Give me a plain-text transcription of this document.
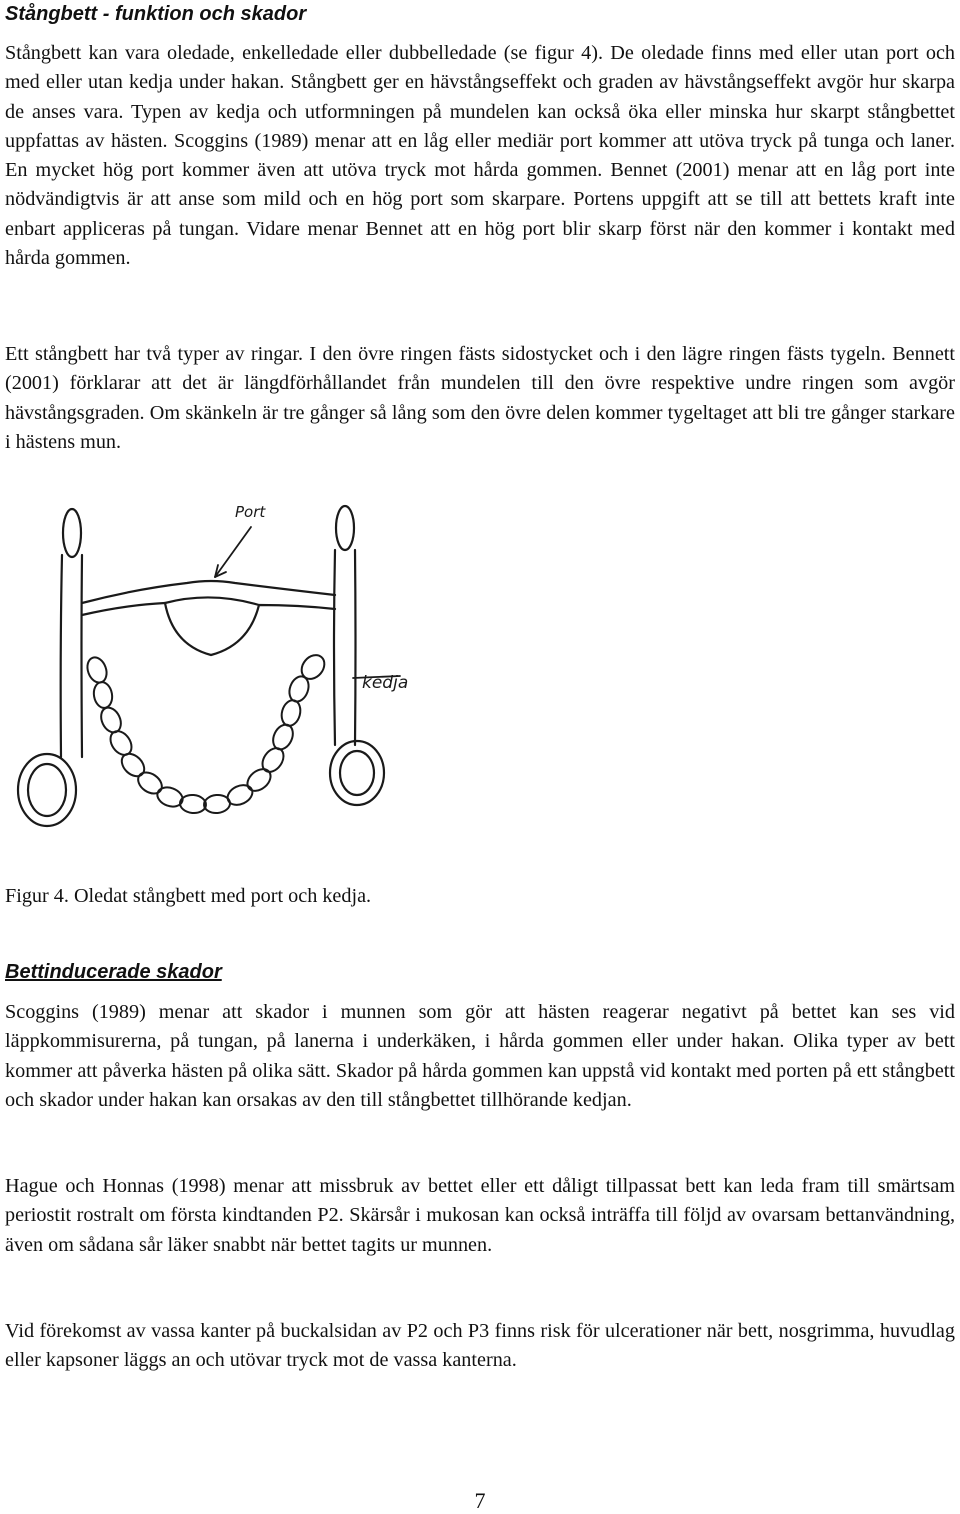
Stångbett - funktion och skador

Stångbett kan vara oledade, enkelledade eller dubbelledade (se figur 4). De oledade finns med eller utan port och med eller utan kedja under hakan. Stångbett ger en hävstångseffekt och graden av hävstångseffekt avgör hur skarpa de anses vara. Typen av kedja och utformningen på mundelen kan också öka eller minska hur skarpt stångbettet uppfattas av hästen. Scoggins (1989) menar att en låg eller mediär port kommer att utöva tryck på tunga och laner. En mycket hög port kommer även att utöva tryck mot hårda gommen. Bennet (2001) menar att en låg port inte nödvändigtvis är att anse som mild och en hög port som skarpare. Portens uppgift att se till att bettets kraft inte enbart appliceras på tungan. Vidare menar Bennet att en hög port blir skarp först när den kommer i kontakt med hårda gommen.

Ett stångbett har två typer av ringar. I den övre ringen fästs sidostycket och i den lägre ringen fästs tygeln. Bennett (2001) förklarar att det är längdförhållandet från mundelen till den övre respektive undre ringen som avgör hävstångsgraden. Om skänkeln är tre gånger så lång som den övre delen kommer tygeltaget att bli tre gånger starkare i hästens mun.

Port
kedja

Figur 4. Oledat stångbett med port och kedja.

Bettinducerade skador

Scoggins (1989) menar att skador i munnen som gör att hästen reagerar negativt på bettet kan ses vid läppkommisurerna, på tungan, på lanerna i underkäken, i hårda gommen eller under hakan. Olika typer av bett kommer att påverka hästen på olika sätt. Skador på hårda gommen kan uppstå vid kontakt med porten på ett stångbett och skador under hakan kan orsakas av den till stångbettet tillhörande kedjan.

Hague och Honnas (1998) menar att missbruk av bettet eller ett dåligt tillpassat bett kan leda fram till smärtsam periostit rostralt om första kindtanden P2. Skärsår i mukosan kan också inträffa till följd av ovarsam bettanvändning, även om sådana sår läker snabbt när bettet tagits ur munnen.

Vid förekomst av vassa kanter på buckalsidan av P2 och P3 finns risk för ulcerationer när bett, nosgrimma, huvudlag eller kapsoner läggs an och utövar tryck mot de vassa kanterna.

7
